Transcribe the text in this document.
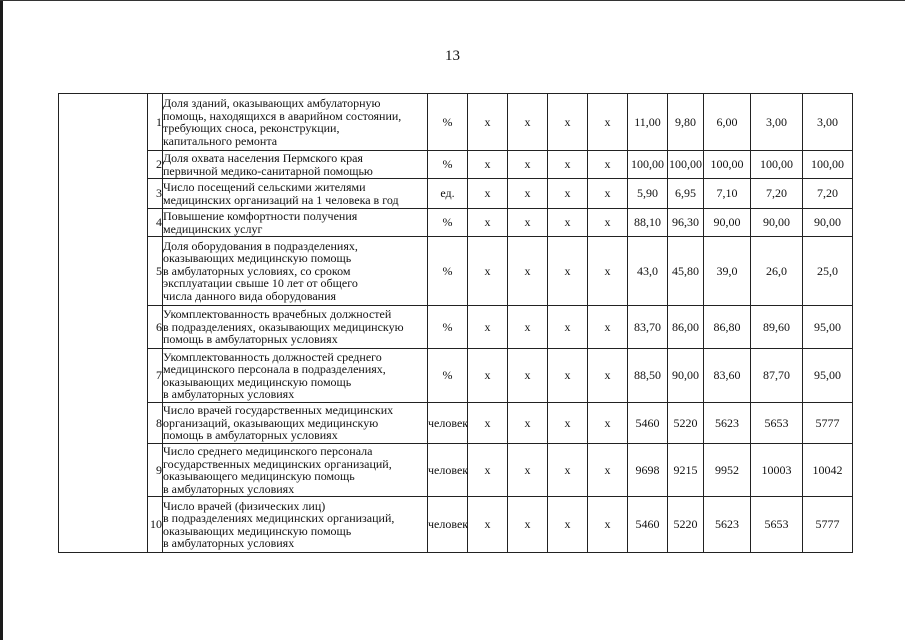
13
	1	Доля зданий, оказывающих амбулаторную
помощь, находящихся в аварийном состоянии,
требующих сноса, реконструкции,
капитального ремонта	%	х	х	х	х	11,00	9,80	6,00	3,00	3,00
	2	Доля охвата населения Пермского края
первичной медико-санитарной помощью	%	х	х	х	х	100,00	100,00	100,00	100,00	100,00
	3	Число посещений сельскими жителями
медицинских организаций на 1 человека в год	ед.	х	х	х	х	5,90	6,95	7,10	7,20	7,20
	4	Повышение комфортности получения
медицинских услуг	%	х	х	х	х	88,10	96,30	90,00	90,00	90,00
	5	Доля оборудования в подразделениях,
оказывающих медицинскую помощь
в амбулаторных условиях, со сроком
эксплуатации свыше 10 лет от общего
числа данного вида оборудования	%	х	х	х	х	43,0	45,80	39,0	26,0	25,0
	6	Укомплектованность врачебных должностей
в подразделениях, оказывающих медицинскую
помощь в амбулаторных условиях	%	х	х	х	х	83,70	86,00	86,80	89,60	95,00
	7	Укомплектованность должностей среднего
медицинского персонала в подразделениях,
оказывающих медицинскую помощь
в амбулаторных условиях	%	х	х	х	х	88,50	90,00	83,60	87,70	95,00
	8	Число врачей государственных медицинских
организаций, оказывающих медицинскую
помощь в амбулаторных условиях	человек	х	х	х	х	5460	5220	5623	5653	5777
	9	Число среднего медицинского персонала
государственных медицинских организаций,
оказывающего медицинскую помощь
в амбулаторных условиях	человек	х	х	х	х	9698	9215	9952	10003	10042
	10	Число врачей (физических лиц)
в подразделениях медицинских организаций,
оказывающих медицинскую помощь
в амбулаторных условиях	человек	х	х	х	х	5460	5220	5623	5653	5777
